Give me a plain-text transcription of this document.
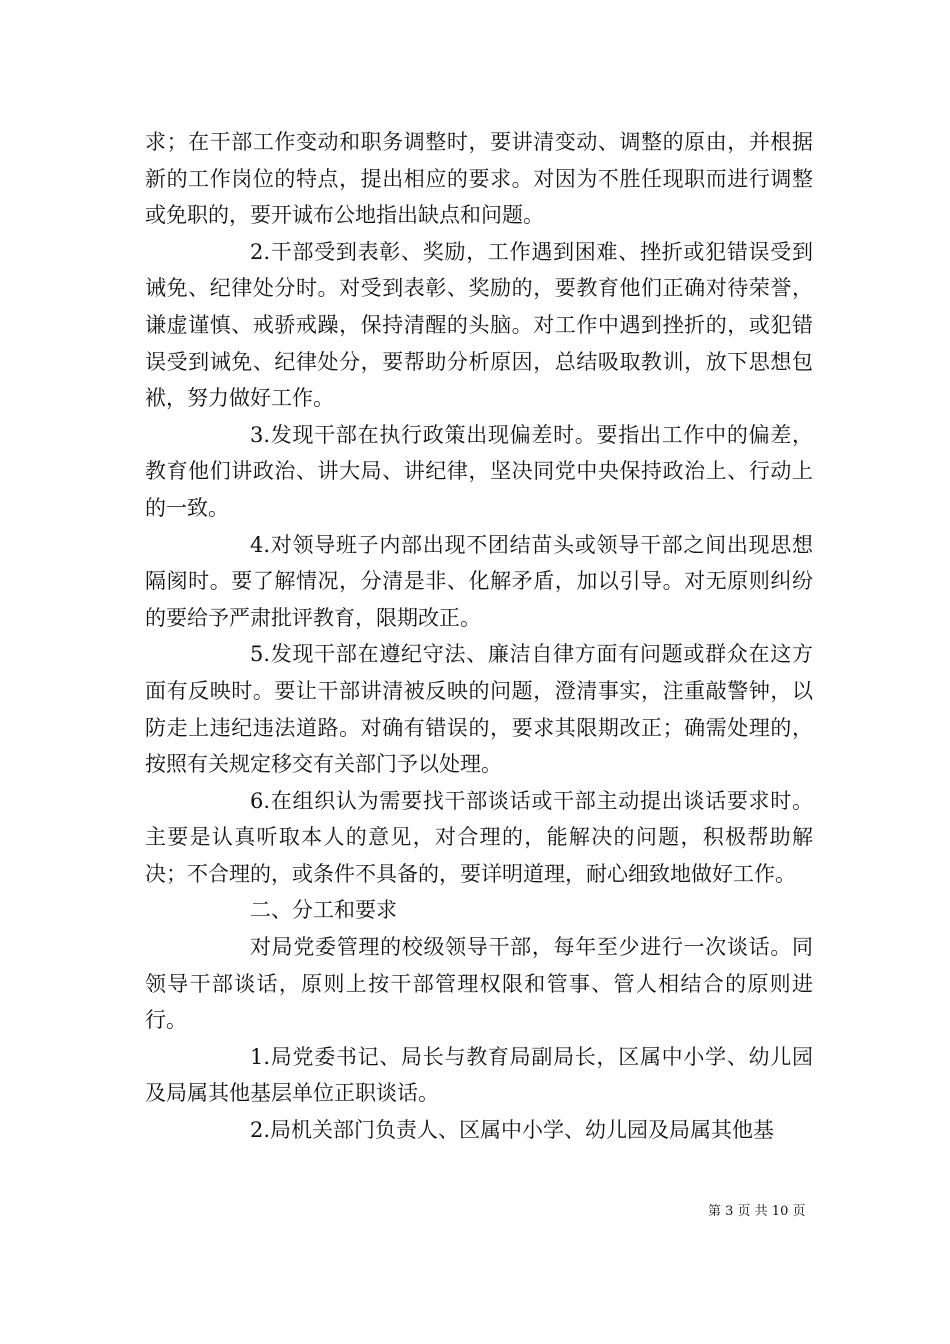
求；在干部工作变动和职务调整时，要讲清变动、调整的原由，并根据新的工作岗位的特点，提出相应的要求。对因为不胜任现职而进行调整或免职的，要开诚布公地指出缺点和问题。

2.干部受到表彰、奖励，工作遇到困难、挫折或犯错误受到诫免、纪律处分时。对受到表彰、奖励的，要教育他们正确对待荣誉，谦虚谨慎、戒骄戒躁，保持清醒的头脑。对工作中遇到挫折的，或犯错误受到诫免、纪律处分，要帮助分析原因，总结吸取教训，放下思想包袱，努力做好工作。

3.发现干部在执行政策出现偏差时。要指出工作中的偏差，教育他们讲政治、讲大局、讲纪律，坚决同党中央保持政治上、行动上的一致。

4.对领导班子内部出现不团结苗头或领导干部之间出现思想隔阂时。要了解情况，分清是非、化解矛盾，加以引导。对无原则纠纷的要给予严肃批评教育，限期改正。

5.发现干部在遵纪守法、廉洁自律方面有问题或群众在这方面有反映时。要让干部讲清被反映的问题，澄清事实，注重敲警钟，以防走上违纪违法道路。对确有错误的，要求其限期改正；确需处理的，按照有关规定移交有关部门予以处理。

6.在组织认为需要找干部谈话或干部主动提出谈话要求时。主要是认真听取本人的意见，对合理的，能解决的问题，积极帮助解决；不合理的，或条件不具备的，要详明道理，耐心细致地做好工作。

二、分工和要求

对局党委管理的校级领导干部，每年至少进行一次谈话。同领导干部谈话，原则上按干部管理权限和管事、管人相结合的原则进行。

1.局党委书记、局长与教育局副局长，区属中小学、幼儿园及局属其他基层单位正职谈话。

2.局机关部门负责人、区属中小学、幼儿园及局属其他基

第 3 页 共 10 页
